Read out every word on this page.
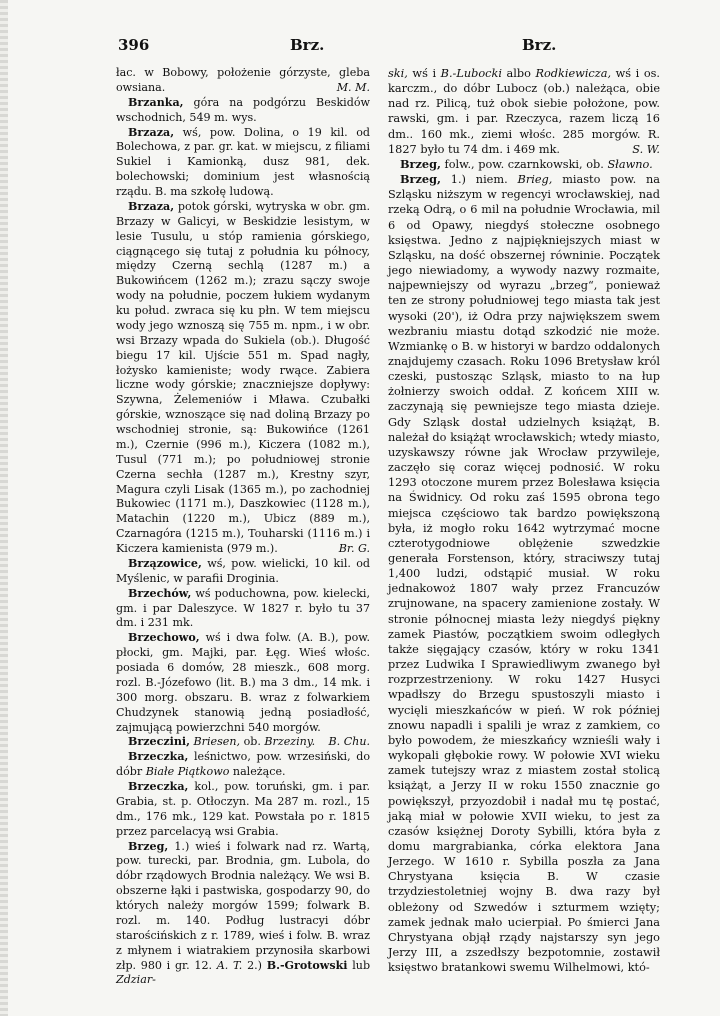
396	Brz.	Brz.

łac. w Bobowy, położenie górzyste, gleba owsiana.	M. M.

Brzanka, góra na podgórzu Beskidów wschodnich, 549 m. wys.

Brzaza, wś, pow. Dolina, o 19 kil. od Bolechowa, z par. gr. kat. w miejscu, z filiami Sukiel i Kamionką, dusz 981, dek. bolechowski; dominium jest własnością rządu. B. ma szkołę ludową.

Brzaza, potok górski, wytryska w obr. gm. Brzazy w Galicyi, w Beskidzie lesistym, w lesie Tusulu, u stóp ramienia górskiego, ciągnącego się tutaj z południa ku północy, między Czerną sechlą (1287 m.) a Bukowińcem (1262 m.); zrazu sączy swoje wody na południe, poczem łukiem wydanym ku połud. zwraca się ku płn. W tem miejscu wody jego wznoszą się 755 m. npm., i w obr. wsi Brzazy wpada do Sukiela (ob.). Długość biegu 17 kil. Ujście 551 m. Spad nagły, łożysko kamieniste; wody rwące. Zabiera liczne wody górskie; znaczniejsze dopływy: Szywna, Żelemeniów i Mława. Czubałki górskie, wznoszące się nad doliną Brzazy po wschodniej stronie, są: Bukowińce (1261 m.), Czernie (996 m.), Kiczera (1082 m.), Tusul (771 m.); po południowej stronie Czerna sechła (1287 m.), Krestny szyr, Magura czyli Lisak (1365 m.), po zachodniej Bukowiec (1171 m.), Daszkowiec (1128 m.), Matachin (1220 m.), Ubicz (889 m.), Czarnagóra (1215 m.), Touharski (1116 m.) i Kiczera kamienista (979 m.).	Br. G.

Brzązowice, wś, pow. wielicki, 10 kil. od Myślenic, w parafii Droginia.

Brzechów, wś poduchowna, pow. kielecki, gm. i par Daleszyce. W 1827 r. było tu 37 dm. i 231 mk.

Brzechowo, wś i dwa folw. (A. B.), pow. płocki, gm. Majki, par. Łęg. Wieś włośc. posiada 6 domów, 28 mieszk., 608 morg. rozl. B.-Józefowo (lit. B.) ma 3 dm., 14 mk. i 300 morg. obszaru. B. wraz z folwarkiem Chudzynek stanowią jedną posiadłość, zajmującą powierzchni 540 morgów.
B. Chu.

Brzeczini, Briesen, ob. Brzeziny.

Brzeczka, leśnictwo, pow. wrzesiński, do dóbr Białe Piątkowo należące.

Brzeczka, kol., pow. toruński, gm. i par. Grabia, st. p. Otłoczyn. Ma 287 m. rozl., 15 dm., 176 mk., 129 kat. Powstała po r. 1815 przez parcelacyą wsi Grabia.

Brzeg, 1.) wieś i folwark nad rz. Wartą, pow. turecki, par. Brodnia, gm. Lubola, do dóbr rządowych Brodnia należący. We wsi B. obszerne łąki i pastwiska, gospodarzy 90, do których należy morgów 1599; folwark B. rozl. m. 140. Podług lustracyi dóbr starościńskich z r. 1789, wieś i folw. B. wraz z młynem i wiatrakiem przynosiła skarbowi złp. 980 i gr. 12. A. T. 2.) B.-Grotowski lub Zdziar-

ski, wś i B.-Lubocki albo Rodkiewicza, wś i os. karczm., do dóbr Lubocz (ob.) należąca, obie nad rz. Pilicą, tuż obok siebie położone, pow. rawski, gm. i par. Rzeczyca, razem liczą 16 dm.. 160 mk., ziemi włośc. 285 morgów. R. 1827 było tu 74 dm. i 469 mk.	S. W.

Brzeg, folw., pow. czarnkowski, ob. Sławno.

Brzeg, 1.) niem. Brieg, miasto pow. na Szląsku niższym w regencyi wrocławskiej, nad rzeką Odrą, o 6 mil na południe Wrocławia, mil 6 od Opawy, niegdyś stołeczne osobnego księstwa. Jedno z najpiękniejszych miast w Szląsku, na dość obszernej równinie. Początek jego niewiadomy, a wywody nazwy rozmaite, najpewniejszy od wyrazu „brzeg“, ponieważ ten ze strony południowej tego miasta tak jest wysoki (20'), iż Odra przy największem swem wezbraniu miastu dotąd szkodzić nie może. Wzmiankę o B. w historyi w bardzo oddalonych znajdujemy czasach. Roku 1096 Bretysław król czeski, pustosząc Szląsk, miasto to na łup żołnierzy swoich oddał. Z końcem XIII w. zaczynają się pewniejsze tego miasta dzieje. Gdy Szląsk dostał udzielnych książąt, B. należał do książąt wrocławskich; wtedy miasto, uzyskawszy równe jak Wrocław przywileje, zaczęło się coraz więcej podnosić. W roku 1293 otoczone murem przez Bolesława księcia na Świdnicy. Od roku zaś 1595 obrona tego miejsca częściowo tak bardzo powiększoną była, iż mogło roku 1642 wytrzymać mocne czterotygodniowe oblężenie szwedzkie generała Forstenson, który, straciwszy tutaj 1,400 ludzi, odstąpić musiał. W roku jednakowoż 1807 wały przez Francuzów zrujnowane, na spacery zamienione zostały. W stronie północnej miasta leży niegdyś piękny zamek Piastów, początkiem swoim odległych także sięgający czasów, który w roku 1341 przez Ludwika I Sprawiedliwym zwanego był rozprzestrzeniony. W roku 1427 Husyci wpadłszy do Brzegu spustoszyli miasto i wycięli mieszkańców w pień. W rok później znowu napadli i spalili je wraz z zamkiem, co było powodem, że mieszkańcy wznieśli wały i wykopali głębokie rowy. W połowie XVI wieku zamek tutejszy wraz z miastem został stolicą książąt, a Jerzy II w roku 1550 znacznie go powiększył, przyozdobił i nadał mu tę postać, jaką miał w połowie XVII wieku, to jest za czasów księżnej Doroty Sybilli, która była z domu margrabianka, córka elektora Jana Jerzego. W 1610 r. Sybilla poszła za Jana Chrystyana księcia B. W czasie trzydziestoletniej wojny B. dwa razy był obleżony od Szwedów i szturmem wzięty; zamek jednak mało ucierpiał. Po śmierci Jana Chrystyana objął rządy najstarszy syn jego Jerzy III, a zszedłszy bezpotomnie, zostawił księstwo bratankowi swemu Wilhelmowi, któ-
